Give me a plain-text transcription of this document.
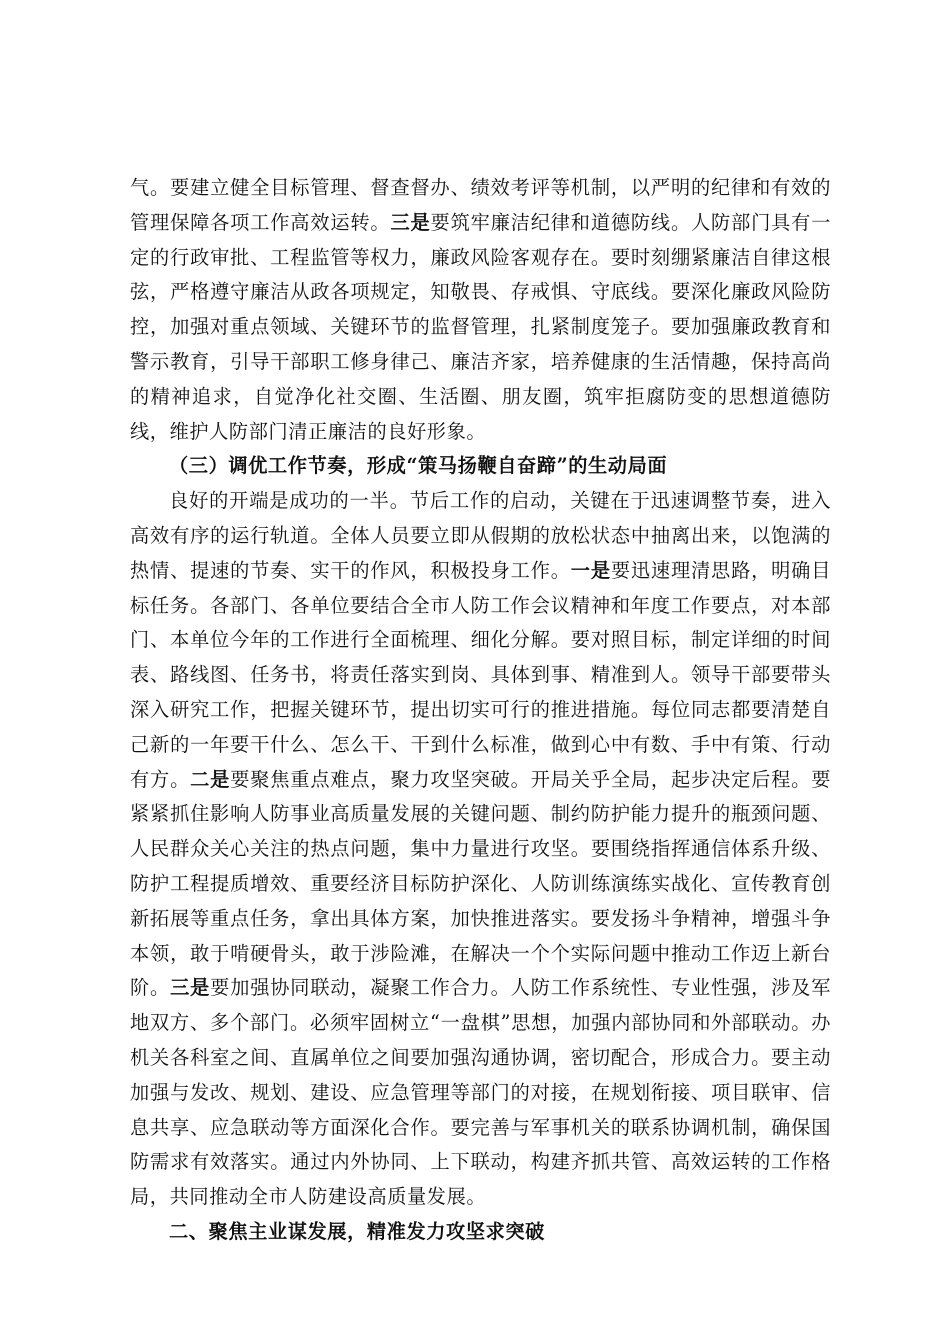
气。要建立健全目标管理、督查督办、绩效考评等机制，以严明的纪律和有效的管理保障各项工作高效运转。三是要筑牢廉洁纪律和道德防线。人防部门具有一定的行政审批、工程监管等权力，廉政风险客观存在。要时刻绷紧廉洁自律这根弦，严格遵守廉洁从政各项规定，知敬畏、存戒惧、守底线。要深化廉政风险防控，加强对重点领域、关键环节的监督管理，扎紧制度笼子。要加强廉政教育和警示教育，引导干部职工修身律己、廉洁齐家，培养健康的生活情趣，保持高尚的精神追求，自觉净化社交圈、生活圈、朋友圈，筑牢拒腐防变的思想道德防线，维护人防部门清正廉洁的良好形象。

（三）调优工作节奏，形成“策马扬鞭自奋蹄”的生动局面

良好的开端是成功的一半。节后工作的启动，关键在于迅速调整节奏，进入高效有序的运行轨道。全体人员要立即从假期的放松状态中抽离出来，以饱满的热情、提速的节奏、实干的作风，积极投身工作。一是要迅速理清思路，明确目标任务。各部门、各单位要结合全市人防工作会议精神和年度工作要点，对本部门、本单位今年的工作进行全面梳理、细化分解。要对照目标，制定详细的时间表、路线图、任务书，将责任落实到岗、具体到事、精准到人。领导干部要带头深入研究工作，把握关键环节，提出切实可行的推进措施。每位同志都要清楚自己新的一年要干什么、怎么干、干到什么标准，做到心中有数、手中有策、行动有方。二是要聚焦重点难点，聚力攻坚突破。开局关乎全局，起步决定后程。要紧紧抓住影响人防事业高质量发展的关键问题、制约防护能力提升的瓶颈问题、人民群众关心关注的热点问题，集中力量进行攻坚。要围绕指挥通信体系升级、防护工程提质增效、重要经济目标防护深化、人防训练演练实战化、宣传教育创新拓展等重点任务，拿出具体方案，加快推进落实。要发扬斗争精神，增强斗争本领，敢于啃硬骨头，敢于涉险滩，在解决一个个实际问题中推动工作迈上新台阶。三是要加强协同联动，凝聚工作合力。人防工作系统性、专业性强，涉及军地双方、多个部门。必须牢固树立“一盘棋”思想，加强内部协同和外部联动。办机关各科室之间、直属单位之间要加强沟通协调，密切配合，形成合力。要主动加强与发改、规划、建设、应急管理等部门的对接，在规划衔接、项目联审、信息共享、应急联动等方面深化合作。要完善与军事机关的联系协调机制，确保国防需求有效落实。通过内外协同、上下联动，构建齐抓共管、高效运转的工作格局，共同推动全市人防建设高质量发展。

二、聚焦主业谋发展，精准发力攻坚求突破
